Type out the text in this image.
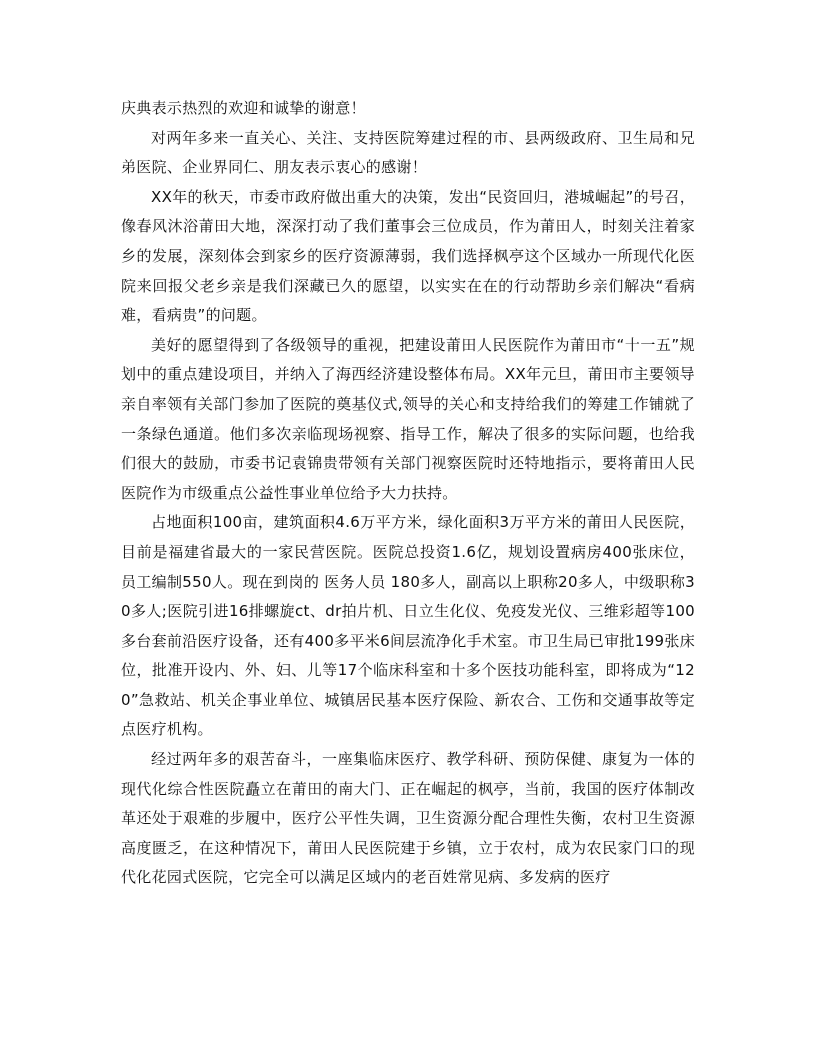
庆典表示热烈的欢迎和诚挚的谢意！

对两年多来一直关心、关注、支持医院筹建过程的市、县两级政府、卫生局和兄弟医院、企业界同仁、朋友表示衷心的感谢！

XX年的秋天，市委市政府做出重大的决策，发出“民资回归，港城崛起”的号召，像春风沐浴莆田大地，深深打动了我们董事会三位成员，作为莆田人，时刻关注着家乡的发展，深刻体会到家乡的医疗资源薄弱，我们选择枫亭这个区域办一所现代化医院来回报父老乡亲是我们深藏已久的愿望，以实实在在的行动帮助乡亲们解决“看病难，看病贵”的问题。

美好的愿望得到了各级领导的重视，把建设莆田人民医院作为莆田市“十一五”规划中的重点建设项目，并纳入了海西经济建设整体布局。XX年元旦，莆田市主要领导亲自率领有关部门参加了医院的奠基仪式,领导的关心和支持给我们的筹建工作铺就了一条绿色通道。他们多次亲临现场视察、指导工作，解决了很多的实际问题，也给我们很大的鼓励，市委书记袁锦贵带领有关部门视察医院时还特地指示，要将莆田人民医院作为市级重点公益性事业单位给予大力扶持。

占地面积100亩，建筑面积4.6万平方米，绿化面积3万平方米的莆田人民医院，目前是福建省最大的一家民营医院。医院总投资1.6亿，规划设置病房400张床位，员工编制550人。现在到岗的 医务人员 180多人，副高以上职称20多人，中级职称30多人;医院引进16排螺旋ct、dr拍片机、日立生化仪、免疫发光仪、三维彩超等100多台套前沿医疗设备，还有400多平米6间层流净化手术室。市卫生局已审批199张床位，批准开设内、外、妇、儿等17个临床科室和十多个医技功能科室，即将成为“120”急救站、机关企事业单位、城镇居民基本医疗保险、新农合、工伤和交通事故等定点医疗机构。

经过两年多的艰苦奋斗，一座集临床医疗、教学科研、预防保健、康复为一体的现代化综合性医院矗立在莆田的南大门、正在崛起的枫亭，当前，我国的医疗体制改革还处于艰难的步履中，医疗公平性失调，卫生资源分配合理性失衡，农村卫生资源高度匮乏，在这种情况下，莆田人民医院建于乡镇，立于农村，成为农民家门口的现代化花园式医院，它完全可以满足区域内的老百姓常见病、多发病的医疗
